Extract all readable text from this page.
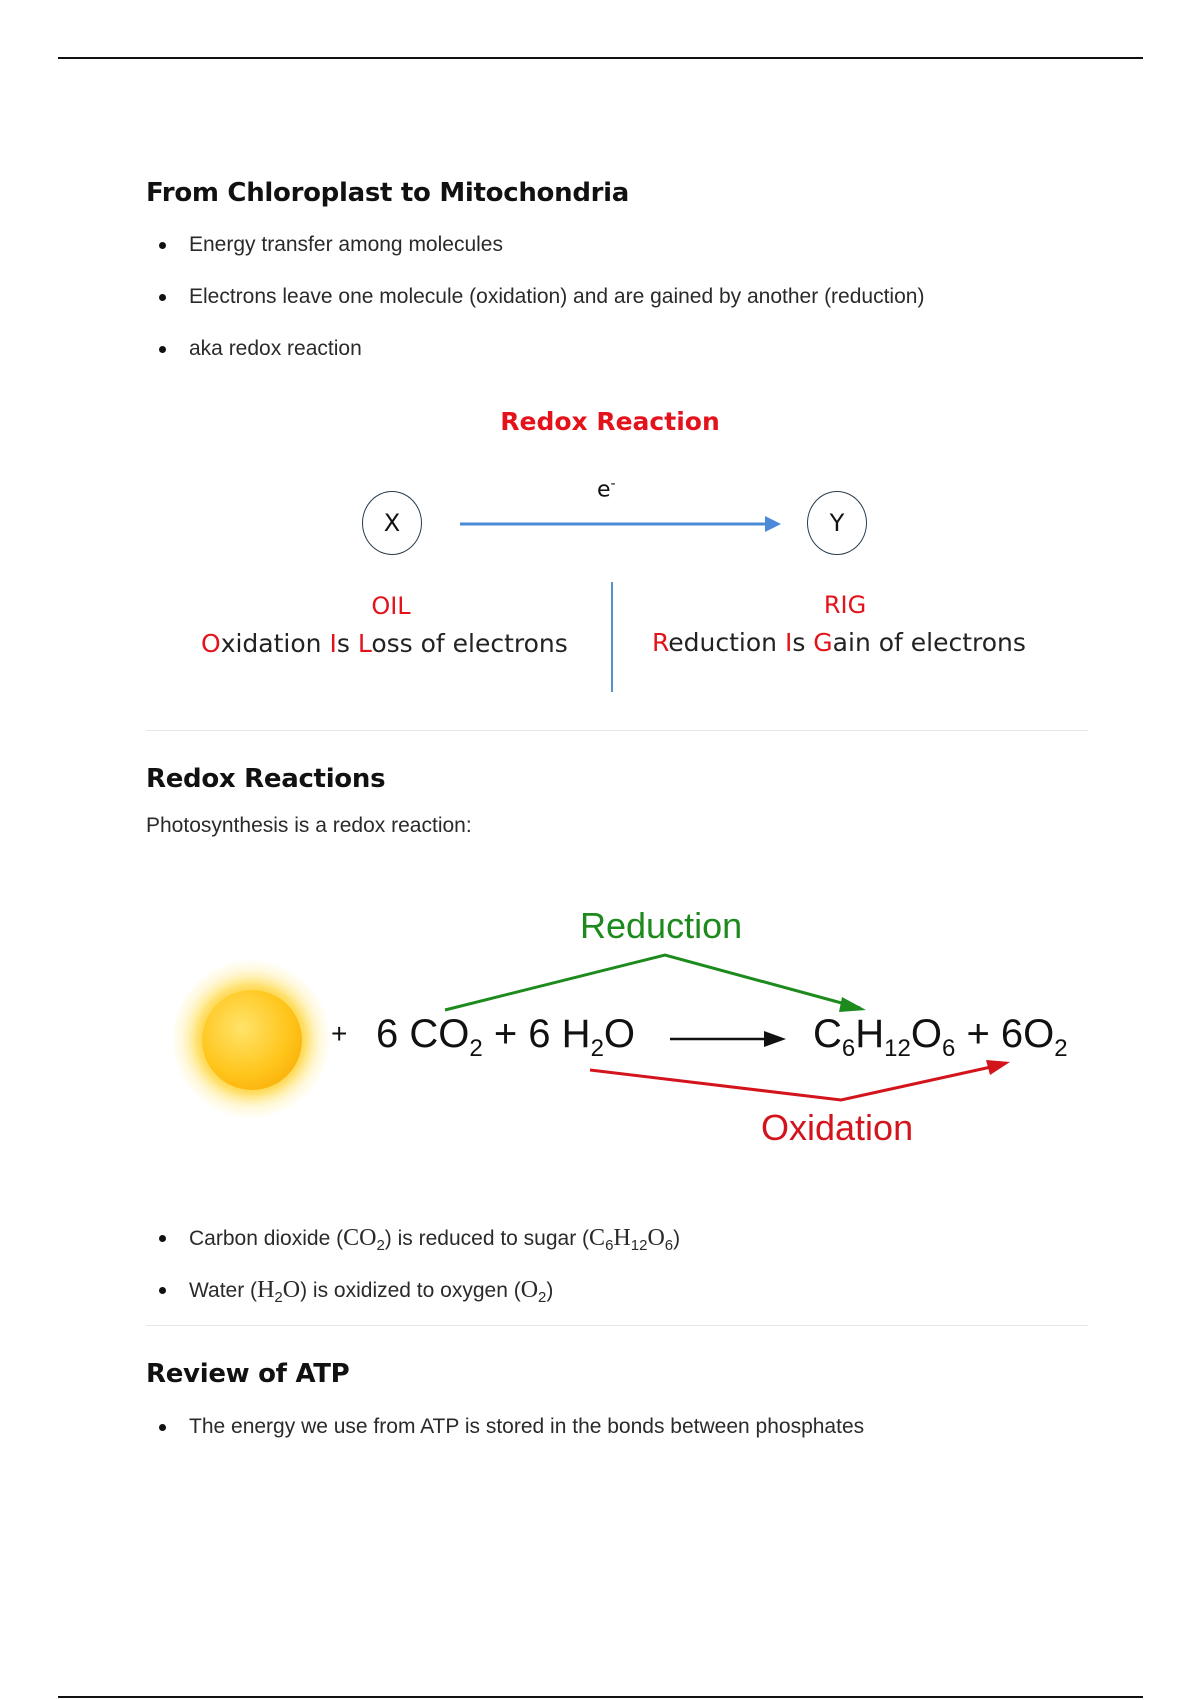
From Chloroplast to Mitochondria
Energy transfer among molecules
Electrons leave one molecule (oxidation) and are gained by another (reduction)
aka redox reaction
Redox Reaction
X	Y
e-
OIL
Oxidation Is Loss of electrons
RIG
Reduction Is Gain of electrons
Redox Reactions

Photosynthesis is a redox reaction:

+ 6 $CO_2 + 6$ $H_2O$	$C_6H_{12}O_6 + 6O_2$
Reduction
Oxidation
Carbon dioxide $(CO_2)$ is reduced to sugar $(C_6H_{12}O_6)$
Water $(H_2O)$ is oxidized to oxygen $(O_2)$
Review of ATP
The energy we use from ATP is stored in the bonds between phosphates
